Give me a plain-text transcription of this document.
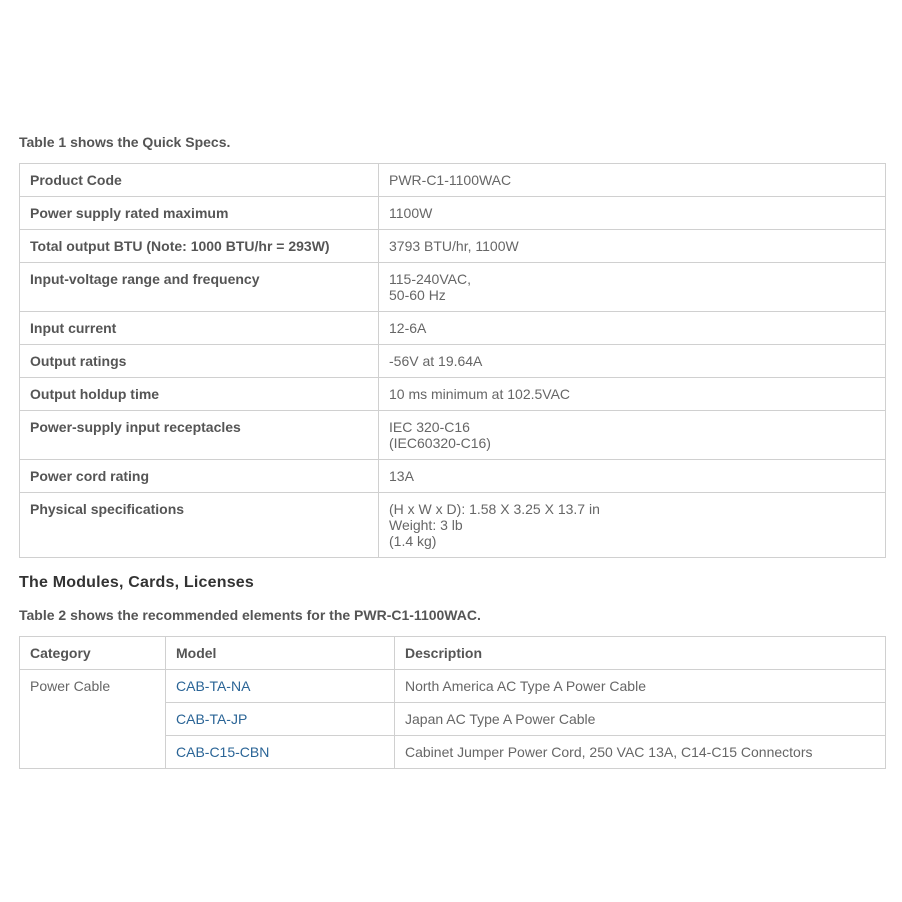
Table 1 shows the Quick Specs.

Product Code	PWR-C1-1100WAC

Power supply rated maximum	1100W

Total output BTU (Note: 1000 BTU/hr = 293W)	3793 BTU/hr, 1100W

Input-voltage range and frequency	115-240VAC,
50-60 Hz

Input current	12-6A

Output ratings	-56V at 19.64A

Output holdup time	10 ms minimum at 102.5VAC

Power-supply input receptacles	IEC 320-C16
(IEC60320-C16)

Power cord rating	13A

Physical specifications	(H x W x D): 1.58 X 3.25 X 13.7 in
Weight: 3 lb
(1.4 kg)
The Modules, Cards, Licenses

Table 2 shows the recommended elements for the PWR-C1-1100WAC.

Category	Model	Description
Power Cable	CAB-TA-NA	North America AC Type A Power Cable
	CAB-TA-JP	Japan AC Type A Power Cable
	CAB-C15-CBN	Cabinet Jumper Power Cord, 250 VAC 13A, C14-C15 Connectors
